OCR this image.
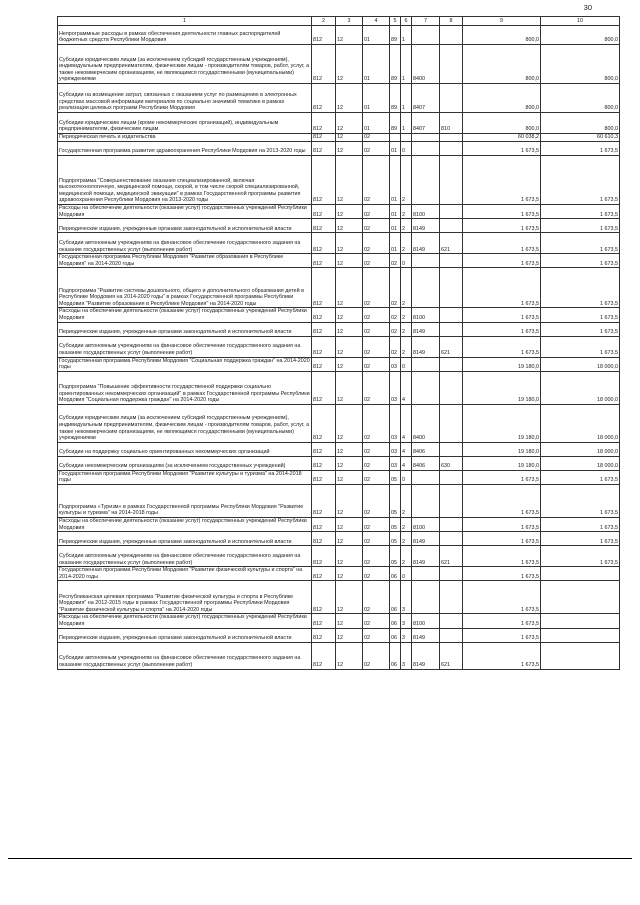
30
1	2	3	4	5	6	7	8	9	10
Непрограммные расходы в рамках обеспечения деятельности главных распорядителей бюджетных средств Республики Мордовия	812	12	01	89	1			800,0	800,0
Субсидии юридическим лицам (за исключением субсидий государственным учреждениям), индивидуальным предпринимателям, физическим лицам - производителям товаров, работ, услуг, а также некоммерческим организациям, не являющимся государственными (муниципальными) учреждениями	812	12	01	89	1	8400		800,0	800,0
Субсидии на возмещение затрат, связанных с оказанием услуг по размещению в электронных средствах массовой информации материалов по социально значимой тематике в рамках реализации целевых программ Республики Мордовия	812	12	01	89	1	8407		800,0	800,0
Субсидии юридическим лицам (кроме некоммерческих организаций), индивидуальным предпринимателям, физическим лицам	812	12	01	89	1	8407	810	800,0	800,0
Периодическая печать и издательства	812	12	02					60 038,2	60 610,3
Государственная программа развития здравоохранения Республики Мордовия на 2013-2020 годы	812	12	02	01	0			1 673,5	1 673,5
Подпрограмма "Совершенствование оказания специализированной, включая высокотехнологичную, медицинской помощи, скорой, в том числе скорой специализированной, медицинской помощи, медицинской эвакуации" в рамках Государственной программы развития здравоохранения Республики Мордовия на 2013-2020 годы	812	12	02	01	2			1 673,5	1 673,5
Расходы на обеспечение деятельности (оказание услуг) государственных учреждений Республики Мордовия	812	12	02	01	2	8100		1 673,5	1 673,5
Периодические издания, учрежденные органами законодательной и исполнительной власти	812	12	02	01	2	8149		1 673,5	1 673,5
Субсидии автономным учреждениям на финансовое обеспечение государственного задания на оказание государственных услуг (выполнение работ)	812	12	02	01	2	8149	621	1 673,5	1 673,5
Государственная программа Республики Мордовия "Развитие образования в Республике Мордовия" на 2014-2020 годы	812	12	02	02	0			1 673,5	1 673,5
Подпрограмма "Развитие системы дошкольного, общего и дополнительного образования детей в Республике Мордовия на 2014-2020 годы" в рамках Государственной программы Республики Мордовия "Развитие образования в Республике Мордовия" на 2014-2020 годы	812	12	02	02	2			1 673,5	1 673,5
Расходы на обеспечение деятельности (оказание услуг) государственных учреждений Республики Мордовия	812	12	02	02	2	8100		1 673,5	1 673,5
Периодические издания, учрежденные органами законодательной и исполнительной власти	812	12	02	02	2	8149		1 673,5	1 673,5
Субсидии автономным учреждениям на финансовое обеспечение государственного задания на оказание государственных услуг (выполнение работ)	812	12	02	02	2	8149	621	1 673,5	1 673,5
Государственная программа Республики Мордовия "Социальная поддержка граждан" на 2014-2020 годы	812	12	02	03	0			19 180,0	18 000,0
Подпрограмма "Повышение эффективности государственной поддержки социально ориентированных некоммерческих организаций" в рамках Государственной программы Республики Мордовия "Социальная поддержка граждан" на 2014-2020 годы	812	12	02	03	4			19 180,0	18 000,0
Субсидии юридическим лицам (за исключением субсидий государственным учреждениям), индивидуальным предпринимателям, физическим лицам - производителям товаров, работ, услуг, а также некоммерческим организациям, не являющимся государственными (муниципальными) учреждениями	812	12	02	03	4	8400		19 180,0	18 000,0
Субсидии на поддержку социально ориентированных некоммерческих организаций	812	12	02	03	4	8406		19 180,0	18 000,0
Субсидии некоммерческим организациям (за исключением государственных учреждений)	812	12	02	03	4	8406	630	19 180,0	18 000,0
Государственная программа Республики Мордовия "Развитие культуры и туризма" на 2014-2018 годы	812	12	02	05	0			1 673,5	1 673,5
Подпрограмма «Туризм» в рамках Государственной программы Республики Мордовия "Развитие культуры и туризма" на 2014-2018 годы	812	12	02	05	2			1 673,5	1 673,5
Расходы на обеспечение деятельности (оказание услуг) государственных учреждений Республики Мордовия	812	12	02	05	2	8100		1 673,5	1 673,5
Периодические издания, учрежденные органами законодательной и исполнительной власти	812	12	02	05	2	8149		1 673,5	1 673,5
Субсидии автономным учреждениям на финансовое обеспечение государственного задания на оказание государственных услуг (выполнение работ)	812	12	02	05	2	8149	621	1 673,5	1 673,5
Государственная программа Республики Мордовия "Развитие физической культуры и спорта" на 2014-2020 годы	812	12	02	06	0			1 673,5	
Республиканская целевая программа "Развитие физической культуры и спорта в Республике Мордовия" на 2012-2015 годы в рамках Государственной программы Республики Мордовия "Развитие физической культуры и спорта" на 2014-2020 годы	812	12	02	06	3			1 673,5	
Расходы на обеспечение деятельности (оказание услуг) государственных учреждений Республики Мордовия	812	12	02	06	3	8100		1 673,5	
Периодические издания, учрежденные органами законодательной и исполнительной власти	812	12	02	06	3	8149		1 673,5	
Субсидии автономным учреждениям на финансовое обеспечение государственного задания на оказание государственных услуг (выполнение работ)	812	12	02	06	3	8149	621	1 673,5	
